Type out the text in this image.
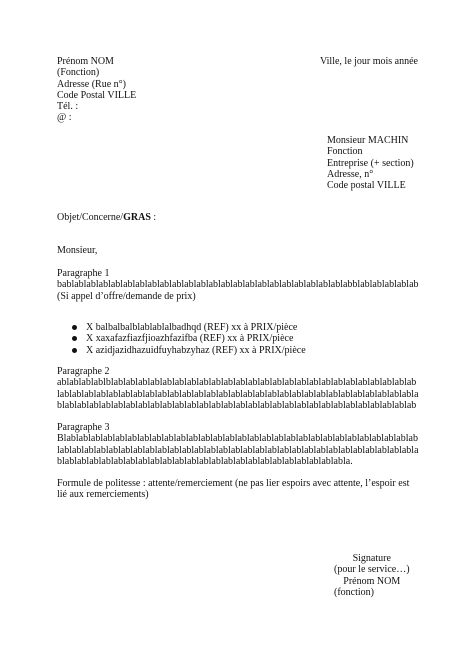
Prénom NOM
(Fonction)
Adresse (Rue n°)
Code Postal VILLE
Tél. :
@ :
Ville, le jour mois année
Monsieur MACHIN
Fonction
Entreprise (+ section)
Adresse, n°
Code postal VILLE
Objet/Concerne/GRAS :
Monsieur,
Paragraphe 1
bablablablablablablablablablablablablablablablablablablablablablablablabblablablablablab
(Si appel d’offre/demande de prix)
X balbalbalblablablalbadhqd (REF) xx à PRIX/pièce
X xaxafazfiazfjioazhfazifba (REF) xx à PRIX/pièce
X azidjazidhazuidfuyhabzyhaz (REF) xx à PRIX/pièce
Paragraphe 2
ablablablablblablablablablablablablablablablablablablablablablablablablablablablablablablablablablablablablablablablablablablablablablablablablablablablablablablablablablablablablablablablablablablablablablablablablablablablablablablablablablablablablablablablablab
Paragraphe 3
Blablablablablablablablablablablablablablablablablablablablablablablablablablablablablablablablablablablablablablablablablablablablablablablablablablablablablablablablablablablablablablablablablablablablablablablablablablablablablablablablablablabla.
Formule de politesse : attente/remerciement (ne pas lier espoirs avec attente, l’espoir est lié aux remerciements)
Signature
(pour le service…)
Prénom NOM
(fonction)
